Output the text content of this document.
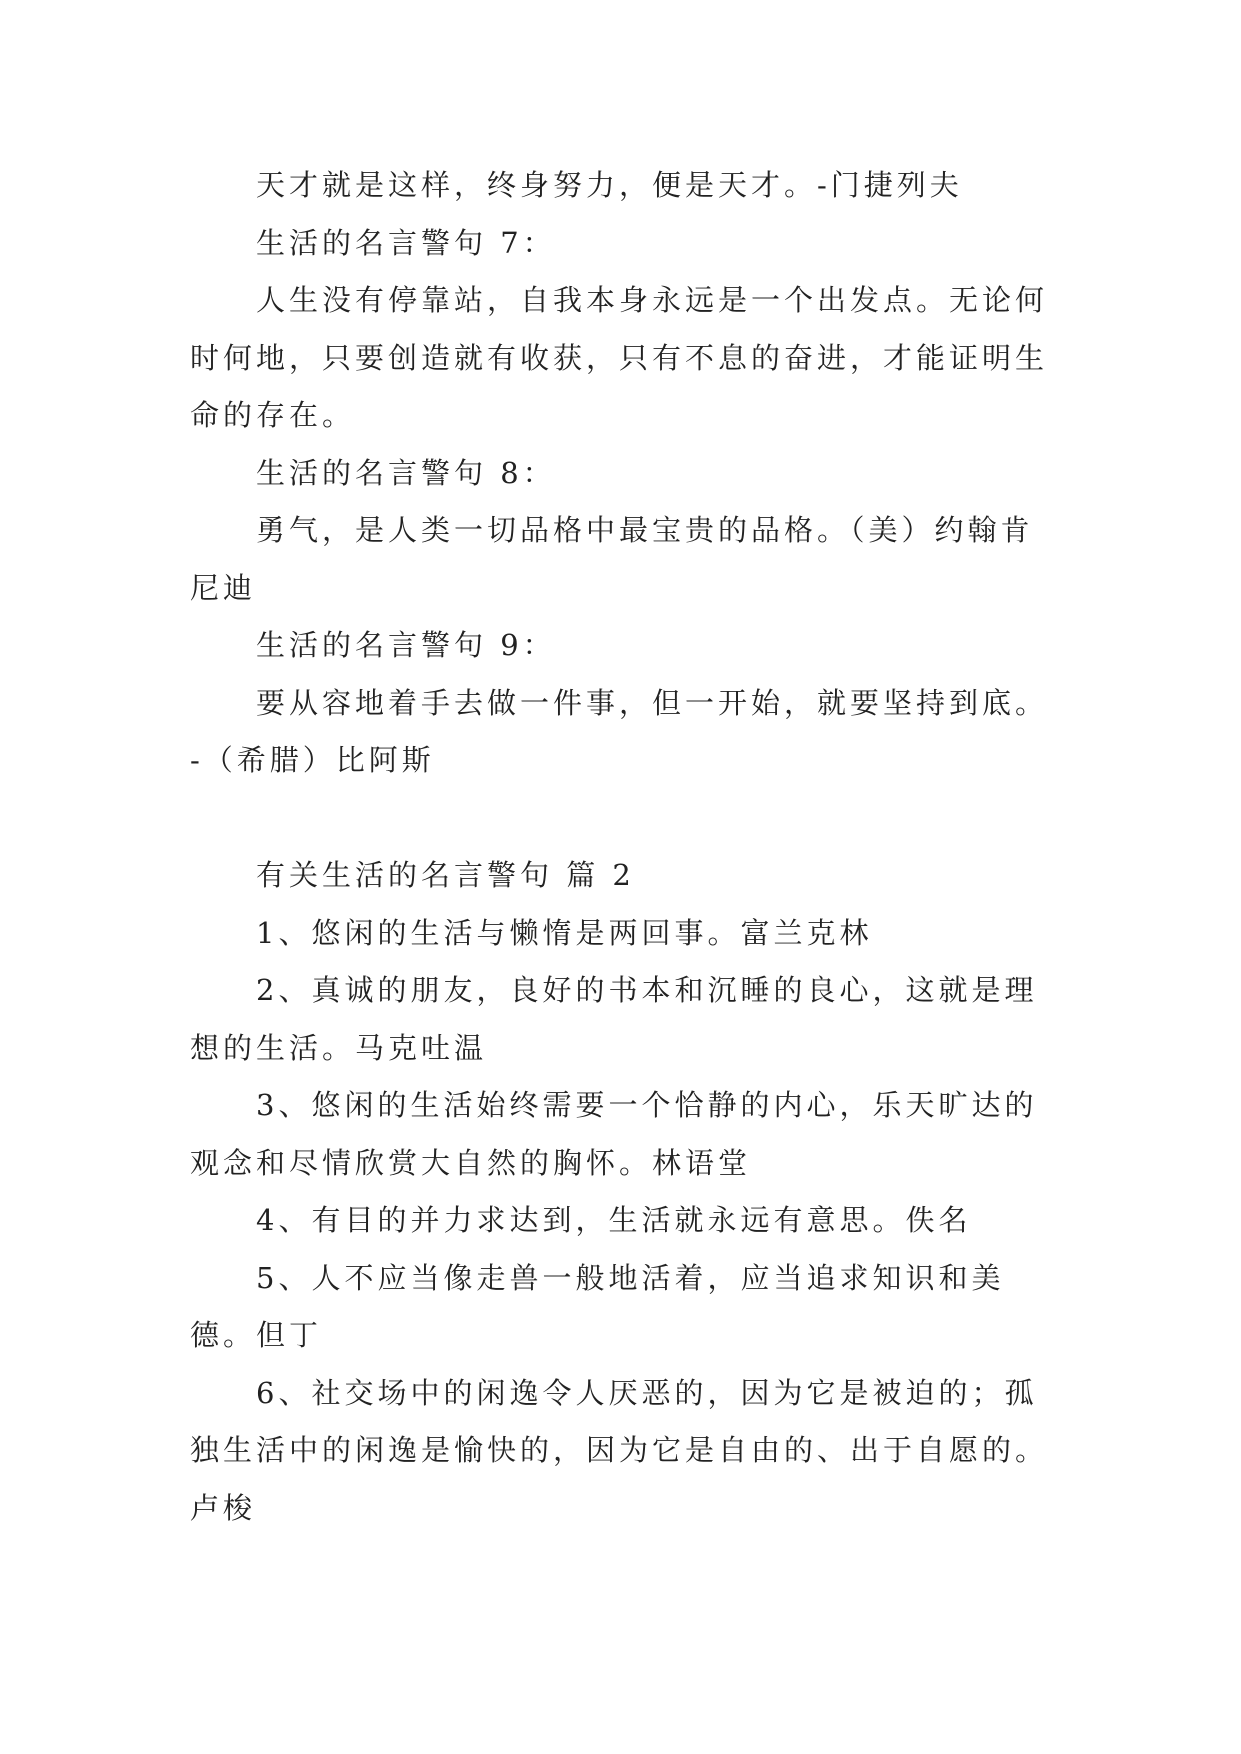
天才就是这样，终身努力，便是天才。-门捷列夫

生活的名言警句 7：

人生没有停靠站，自我本身永远是一个出发点。无论何时何地，只要创造就有收获，只有不息的奋进，才能证明生命的存在。

生活的名言警句 8：

勇气，是人类一切品格中最宝贵的品格。（美）约翰肯尼迪

生活的名言警句 9：

要从容地着手去做一件事，但一开始，就要坚持到底。-（希腊）比阿斯

有关生活的名言警句 篇 2

1、悠闲的生活与懒惰是两回事。富兰克林

2、真诚的朋友，良好的书本和沉睡的良心，这就是理想的生活。马克吐温

3、悠闲的生活始终需要一个恰静的内心，乐天旷达的观念和尽情欣赏大自然的胸怀。林语堂

4、有目的并力求达到，生活就永远有意思。佚名

5、人不应当像走兽一般地活着，应当追求知识和美德。但丁

6、社交场中的闲逸令人厌恶的，因为它是被迫的；孤独生活中的闲逸是愉快的，因为它是自由的、出于自愿的。卢梭
